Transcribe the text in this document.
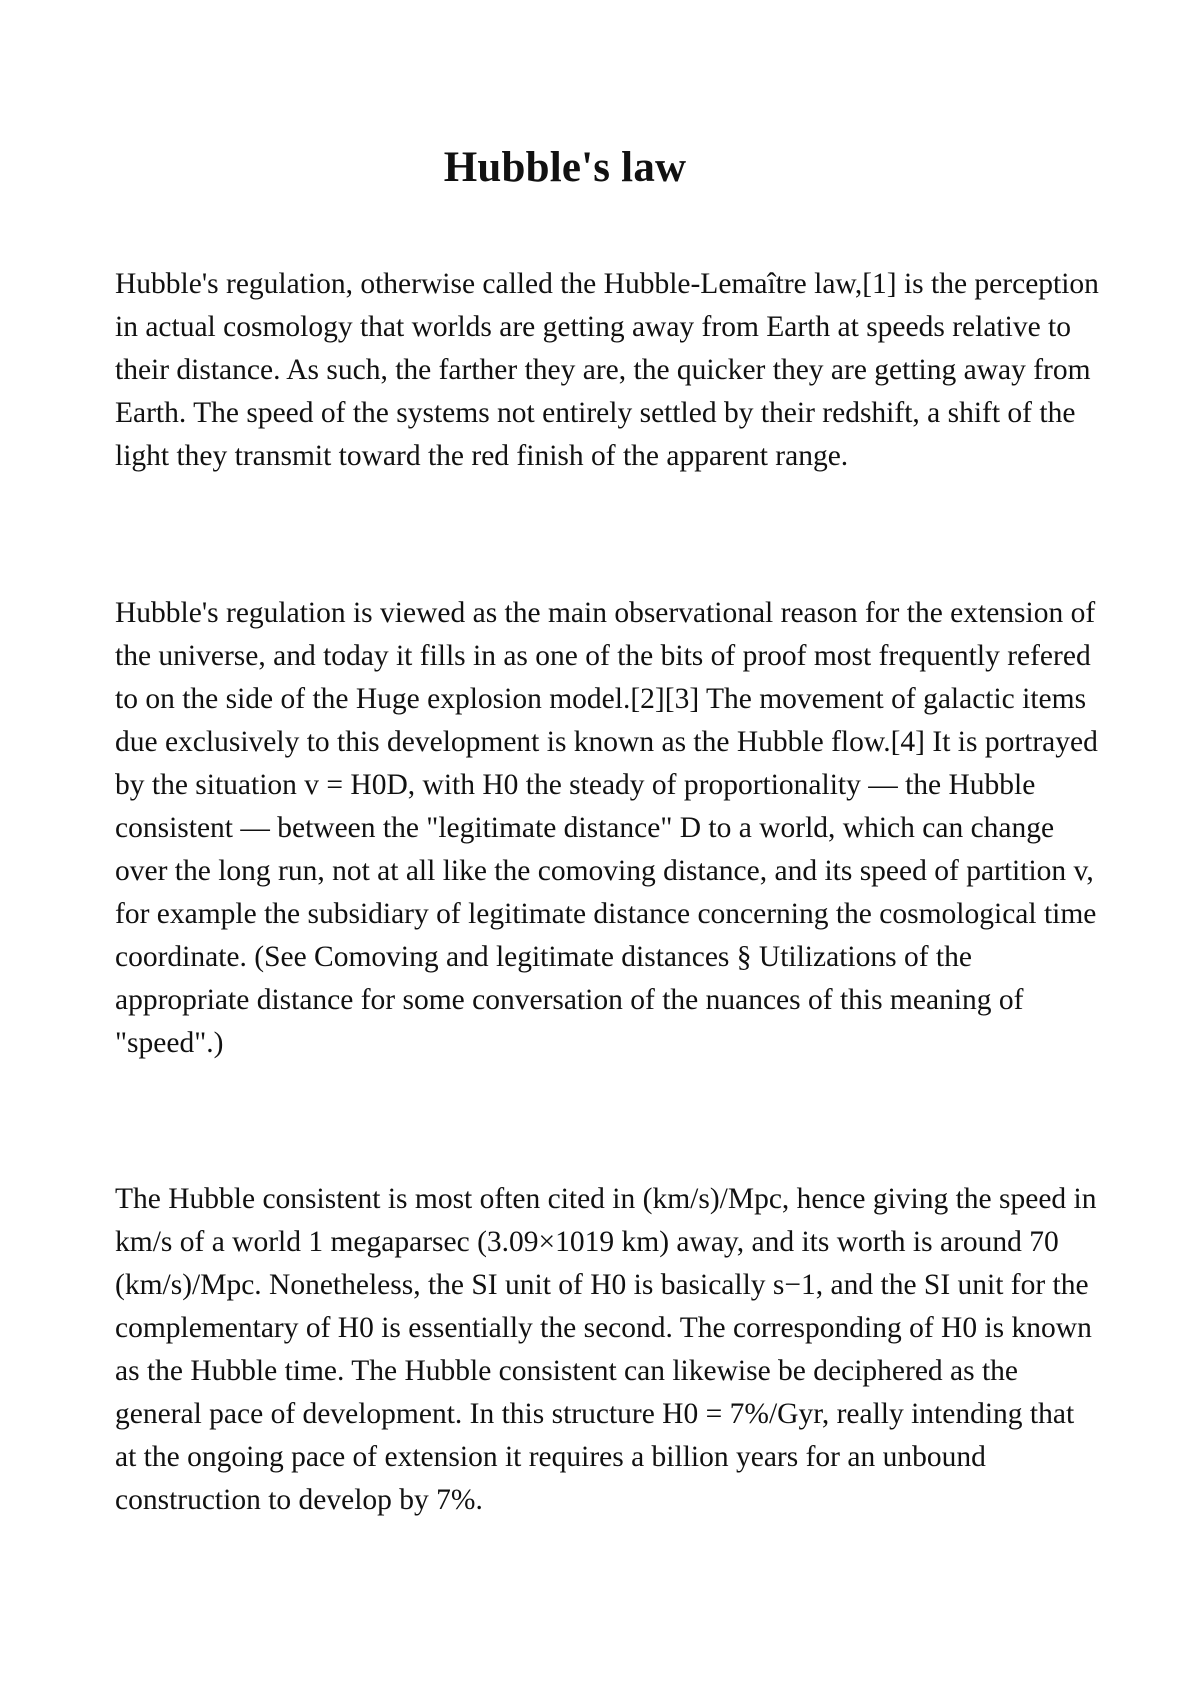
Hubble's law

Hubble's regulation, otherwise called the Hubble-Lemaître law,[1] is the perception in actual cosmology that worlds are getting away from Earth at speeds relative to their distance. As such, the farther they are, the quicker they are getting away from Earth. The speed of the systems not entirely settled by their redshift, a shift of the light they transmit toward the red finish of the apparent range.

Hubble's regulation is viewed as the main observational reason for the extension of the universe, and today it fills in as one of the bits of proof most frequently refered to on the side of the Huge explosion model.[2][3] The movement of galactic items due exclusively to this development is known as the Hubble flow.[4] It is portrayed by the situation v = H0D, with H0 the steady of proportionality — the Hubble consistent — between the "legitimate distance" D to a world, which can change over the long run, not at all like the comoving distance, and its speed of partition v, for example the subsidiary of legitimate distance concerning the cosmological time coordinate. (See Comoving and legitimate distances § Utilizations of the appropriate distance for some conversation of the nuances of this meaning of "speed".)

The Hubble consistent is most often cited in (km/s)/Mpc, hence giving the speed in km/s of a world 1 megaparsec (3.09×1019 km) away, and its worth is around 70 (km/s)/Mpc. Nonetheless, the SI unit of H0 is basically s−1, and the SI unit for the complementary of H0 is essentially the second. The corresponding of H0 is known as the Hubble time. The Hubble consistent can likewise be deciphered as the general pace of development. In this structure H0 = 7%/Gyr, really intending that at the ongoing pace of extension it requires a billion years for an unbound construction to develop by 7%.
